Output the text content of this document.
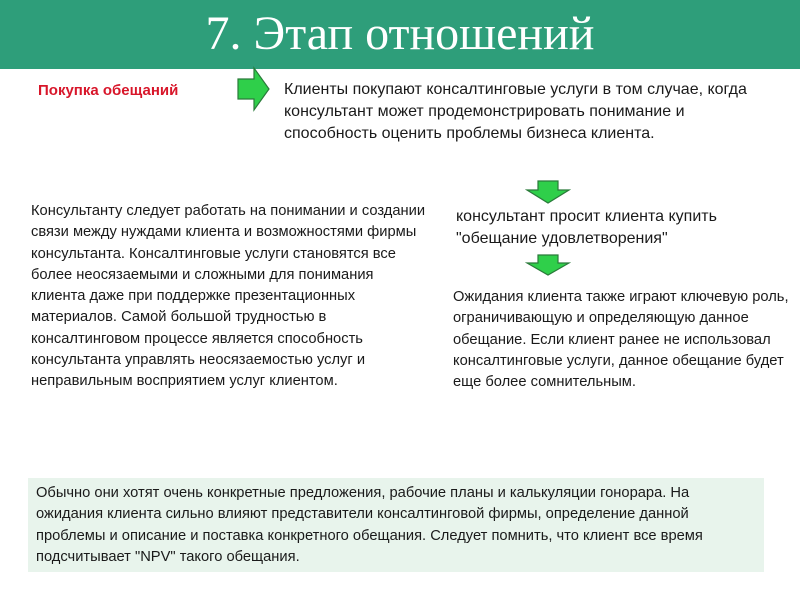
7. Этап отношений
Покупка обещаний	Клиенты покупают консалтинговые услуги в том случае, когда консультант может продемонстрировать понимание и способность оценить проблемы бизнеса клиента.
Консультанту следует работать на понимании и создании связи между нуждами клиента и возможностями фирмы консультанта. Консалтинговые услуги становятся все более неосязаемыми и сложными для понимания клиента даже при поддержке презентационных материалов. Самой большой трудностью в консалтинговом процессе является способность консультанта управлять неосязаемостью услуг и неправильным восприятием услуг клиентом.
консультант просит клиента купить "обещание удовлетворения"
Ожидания клиента также играют ключевую роль, ограничивающую и определяющую данное обещание. Если клиент ранее не использовал консалтинговые услуги, данное обещание будет еще более сомнительным.
Обычно они хотят очень конкретные предложения, рабочие планы и калькуляции гонорара. На ожидания клиента сильно влияют представители консалтинговой фирмы, определение данной проблемы и описание и поставка конкретного обещания. Следует помнить, что клиент все время подсчитывает "NPV" такого обещания.
